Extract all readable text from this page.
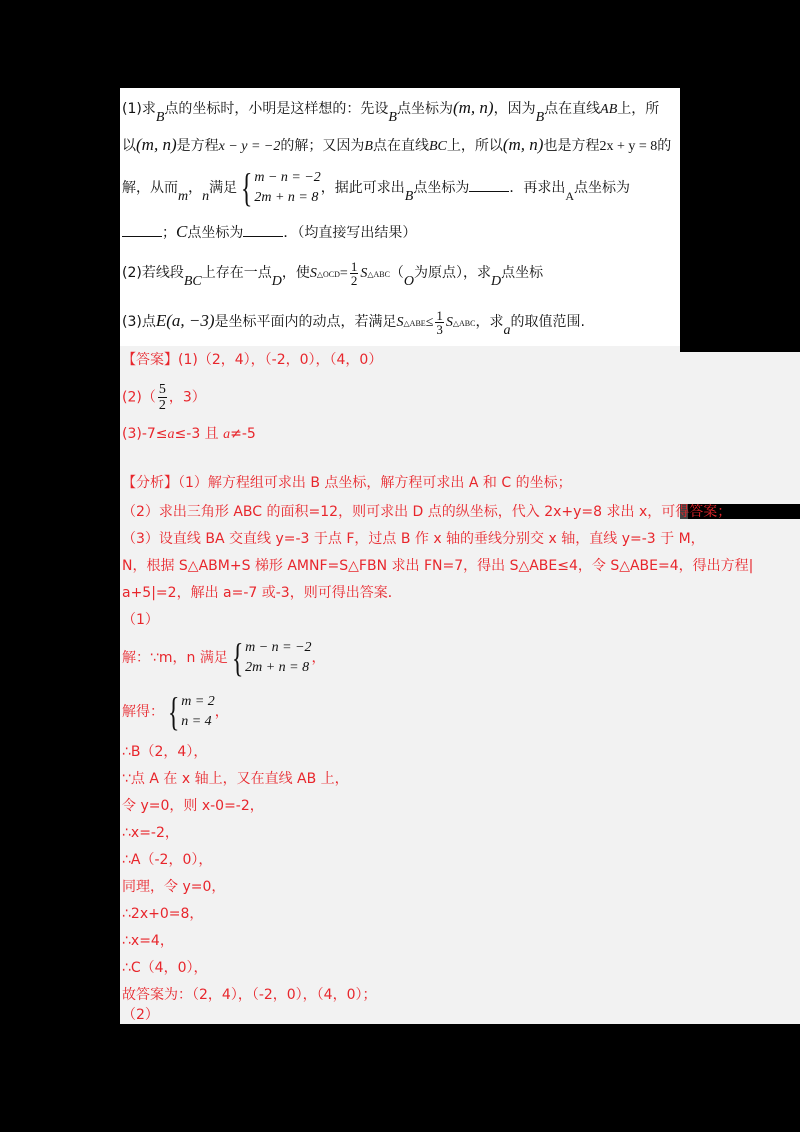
(1)求B点的坐标时，小明是这样想的：先设B点坐标为(m, n)，因为B点在直线AB上，所
以(m, n)是方程x − y = −2的解；又因为B点在直线BC上，所以(m, n)也是方程2x + y = 8的
解，从而m，n满足 { m − n = −2
2m + n = 8
，据此可求出B点坐标为	．再求出A点坐标为
；C点坐标为	．（均直接写出结果）
(2)若线段BC上存在一点D，使S△OCD= $\frac{1}{2}$ S△ABC（O为原点），求D点坐标
(3)点E(a, −3)是坐标平面内的动点，若满足S△ABE≤ $\frac{1}{3}$ S△ABC，求a的取值范围.
【答案】(1)（2，4），（-2，0），（4，0）
$(2)( \frac{5}{2}$ ，3）
(3)-7≤a≤-3 且 a≠-5
【分析】（1）解方程组可求出 B 点坐标，解方程可求出 A 和 C 的坐标；
（2）求出三角形 ABC 的面积=12，则可求出 D 点的纵坐标，代入 2x+y=8 求出 x，可得答案；
（3）设直线 BA 交直线 y=-3 于点 F，过点 B 作 x 轴的垂线分别交 x 轴，直线 y=-3 于 M，
N，根据 S△ABM+S 梯形 AMNF=S△FBN 求出 FN=7，得出 S△ABE≤4，令 S△ABE=4，得出方程|
a+5|=2，解出 a=-7 或-3，则可得出答案．
（1）
解：∵m，n 满足 { m − n = −2
2m + n = 8
，
解得： { m = 2
n = 4
，
∴B（2，4），
∵点 A 在 x 轴上，又在直线 AB 上，
令 y=0，则 x-0=-2，
∴x=-2，
∴A（-2，0），
同理，令 y=0，
∴2x+0=8，
∴x=4，
∴C（4，0），
故答案为：（2，4），（-2，0），（4，0）；
（2）
